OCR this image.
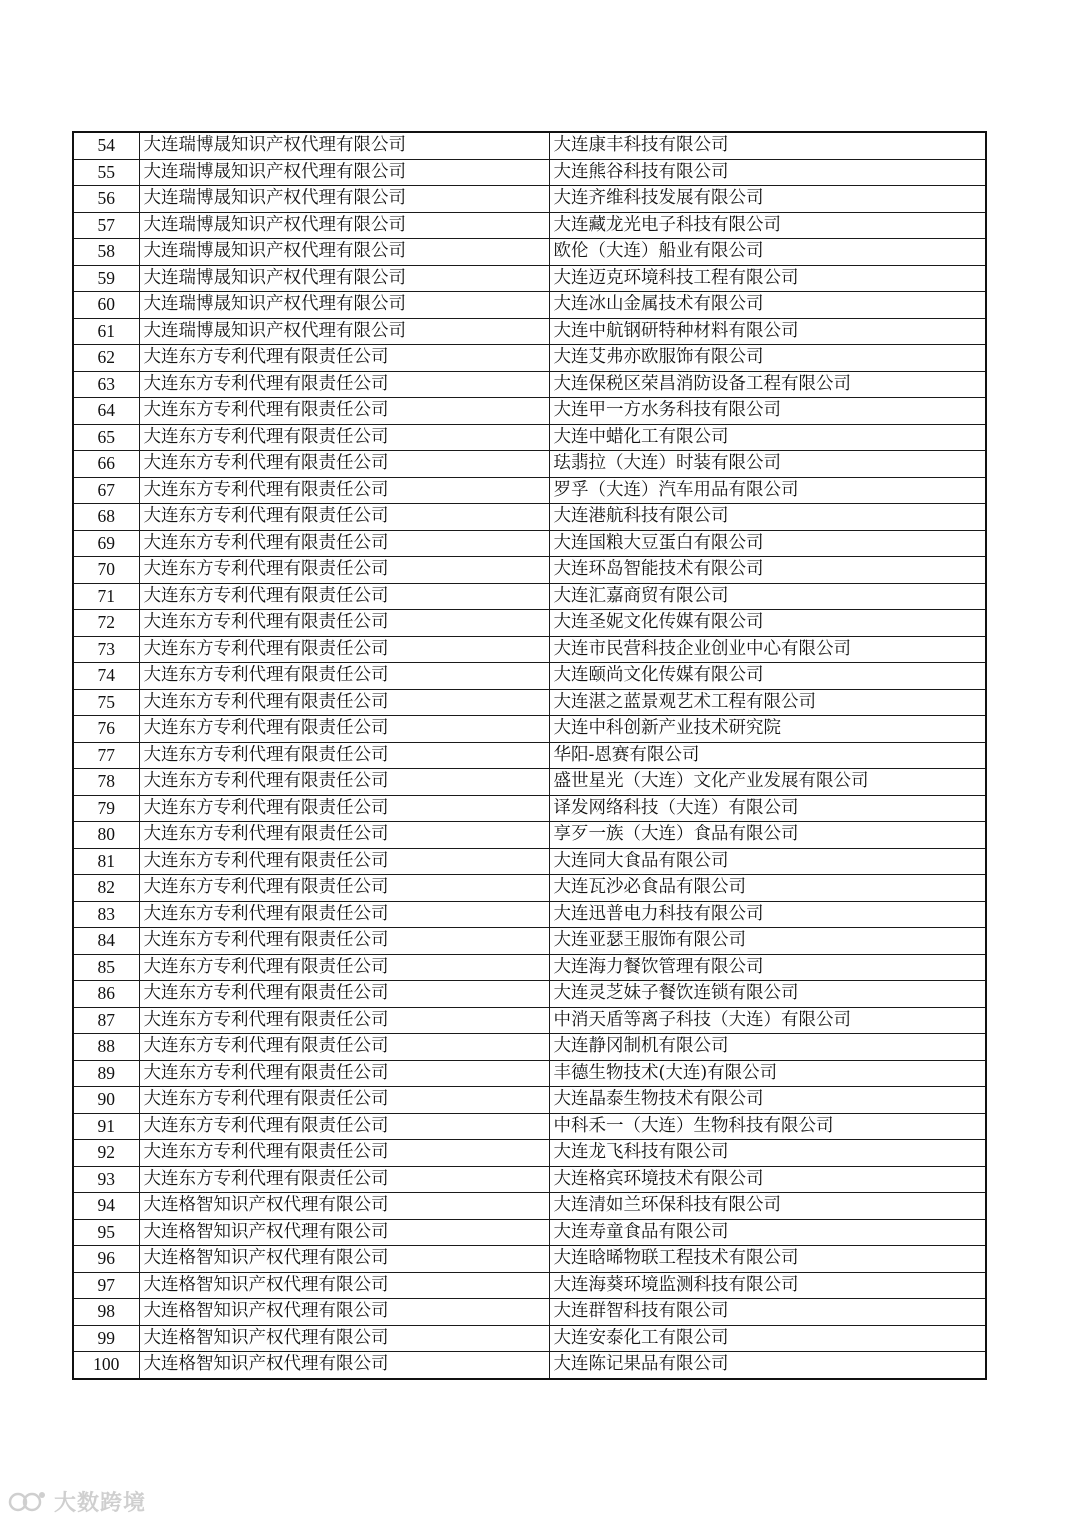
54	大连瑞博晟知识产权代理有限公司	大连康丰科技有限公司
55	大连瑞博晟知识产权代理有限公司	大连熊谷科技有限公司
56	大连瑞博晟知识产权代理有限公司	大连齐维科技发展有限公司
57	大连瑞博晟知识产权代理有限公司	大连藏龙光电子科技有限公司
58	大连瑞博晟知识产权代理有限公司	欧伦（大连）船业有限公司
59	大连瑞博晟知识产权代理有限公司	大连迈克环境科技工程有限公司
60	大连瑞博晟知识产权代理有限公司	大连冰山金属技术有限公司
61	大连瑞博晟知识产权代理有限公司	大连中航钢研特种材料有限公司
62	大连东方专利代理有限责任公司	大连艾弗亦欧服饰有限公司
63	大连东方专利代理有限责任公司	大连保税区荣昌消防设备工程有限公司
64	大连东方专利代理有限责任公司	大连甲一方水务科技有限公司
65	大连东方专利代理有限责任公司	大连中蜡化工有限公司
66	大连东方专利代理有限责任公司	珐翡拉（大连）时装有限公司
67	大连东方专利代理有限责任公司	罗孚（大连）汽车用品有限公司
68	大连东方专利代理有限责任公司	大连港航科技有限公司
69	大连东方专利代理有限责任公司	大连国粮大豆蛋白有限公司
70	大连东方专利代理有限责任公司	大连环岛智能技术有限公司
71	大连东方专利代理有限责任公司	大连汇嘉商贸有限公司
72	大连东方专利代理有限责任公司	大连圣妮文化传媒有限公司
73	大连东方专利代理有限责任公司	大连市民营科技企业创业中心有限公司
74	大连东方专利代理有限责任公司	大连颐尚文化传媒有限公司
75	大连东方专利代理有限责任公司	大连湛之蓝景观艺术工程有限公司
76	大连东方专利代理有限责任公司	大连中科创新产业技术研究院
77	大连东方专利代理有限责任公司	华阳-恩赛有限公司
78	大连东方专利代理有限责任公司	盛世星光（大连）文化产业发展有限公司
79	大连东方专利代理有限责任公司	译发网络科技（大连）有限公司
80	大连东方专利代理有限责任公司	享歹一族（大连）食品有限公司
81	大连东方专利代理有限责任公司	大连同大食品有限公司
82	大连东方专利代理有限责任公司	大连瓦沙必食品有限公司
83	大连东方专利代理有限责任公司	大连迅普电力科技有限公司
84	大连东方专利代理有限责任公司	大连亚瑟王服饰有限公司
85	大连东方专利代理有限责任公司	大连海力餐饮管理有限公司
86	大连东方专利代理有限责任公司	大连灵芝妹子餐饮连锁有限公司
87	大连东方专利代理有限责任公司	中消天盾等离子科技（大连）有限公司
88	大连东方专利代理有限责任公司	大连静冈制机有限公司
89	大连东方专利代理有限责任公司	丰德生物技术(大连)有限公司
90	大连东方专利代理有限责任公司	大连晶泰生物技术有限公司
91	大连东方专利代理有限责任公司	中科禾一（大连）生物科技有限公司
92	大连东方专利代理有限责任公司	大连龙飞科技有限公司
93	大连东方专利代理有限责任公司	大连格宾环境技术有限公司
94	大连格智知识产权代理有限公司	大连清如兰环保科技有限公司
95	大连格智知识产权代理有限公司	大连寿童食品有限公司
96	大连格智知识产权代理有限公司	大连晗晞物联工程技术有限公司
97	大连格智知识产权代理有限公司	大连海葵环境监测科技有限公司
98	大连格智知识产权代理有限公司	大连群智科技有限公司
99	大连格智知识产权代理有限公司	大连安泰化工有限公司
100	大连格智知识产权代理有限公司	大连陈记果品有限公司
大数跨境
